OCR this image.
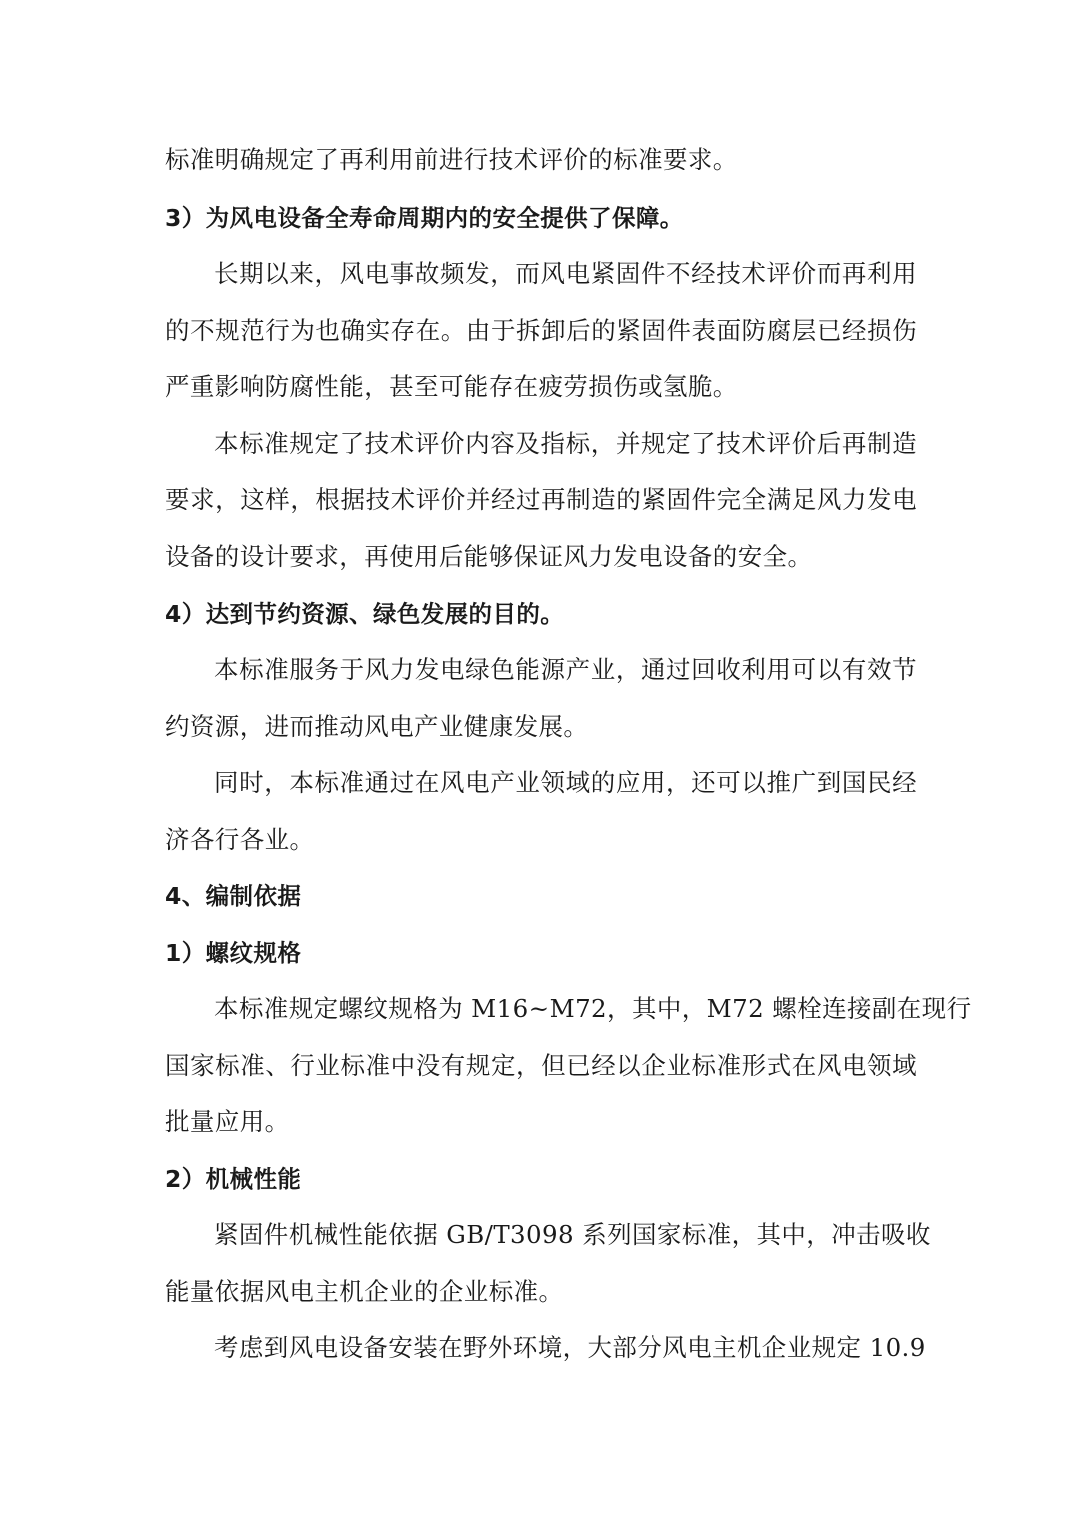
标准明确规定了再利用前进行技术评价的标准要求。
3）为风电设备全寿命周期内的安全提供了保障。
长期以来，风电事故频发，而风电紧固件不经技术评价而再利用
的不规范行为也确实存在。由于拆卸后的紧固件表面防腐层已经损伤
严重影响防腐性能，甚至可能存在疲劳损伤或氢脆。
本标准规定了技术评价内容及指标，并规定了技术评价后再制造
要求，这样，根据技术评价并经过再制造的紧固件完全满足风力发电
设备的设计要求，再使用后能够保证风力发电设备的安全。
4）达到节约资源、绿色发展的目的。
本标准服务于风力发电绿色能源产业，通过回收利用可以有效节
约资源，进而推动风电产业健康发展。
同时，本标准通过在风电产业领域的应用，还可以推广到国民经
济各行各业。
4、编制依据
1）螺纹规格
本标准规定螺纹规格为 M16~M72，其中，M72 螺栓连接副在现行
国家标准、行业标准中没有规定，但已经以企业标准形式在风电领域
批量应用。
2）机械性能
紧固件机械性能依据 GB/T3098 系列国家标准，其中，冲击吸收
能量依据风电主机企业的企业标准。
考虑到风电设备安装在野外环境，大部分风电主机企业规定 10.9
